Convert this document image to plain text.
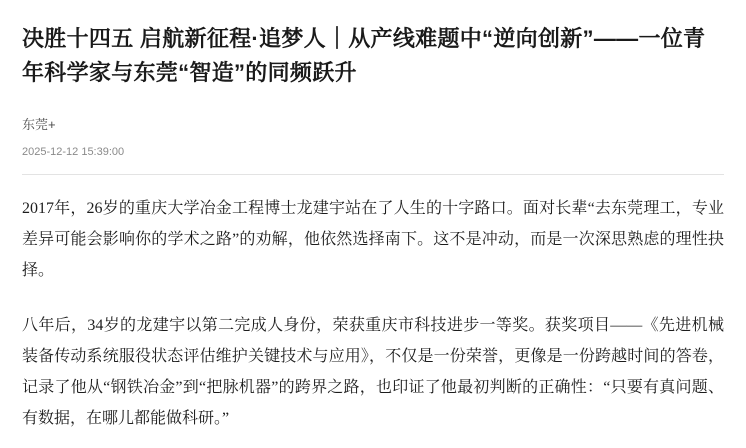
决胜十四五 启航新征程·追梦人｜从产线难题中“逆向创新”——一位青年科学家与东莞“智造”的同频跃升
东莞+
2025-12-12 15:39:00

2017年，26岁的重庆大学冶金工程博士龙建宇站在了人生的十字路口。面对长辈“去东莞理工，专业差异可能会影响你的学术之路”的劝解，他依然选择南下。这不是冲动，而是一次深思熟虑的理性抉择。

八年后，34岁的龙建宇以第二完成人身份，荣获重庆市科技进步一等奖。获奖项目——《先进机械装备传动系统服役状态评估维护关键技术与应用》，不仅是一份荣誉，更像是一份跨越时间的答卷，记录了他从“钢铁冶金”到“把脉机器”的跨界之路，也印证了他最初判断的正确性：“只要有真问题、有数据，在哪儿都能做科研。”
